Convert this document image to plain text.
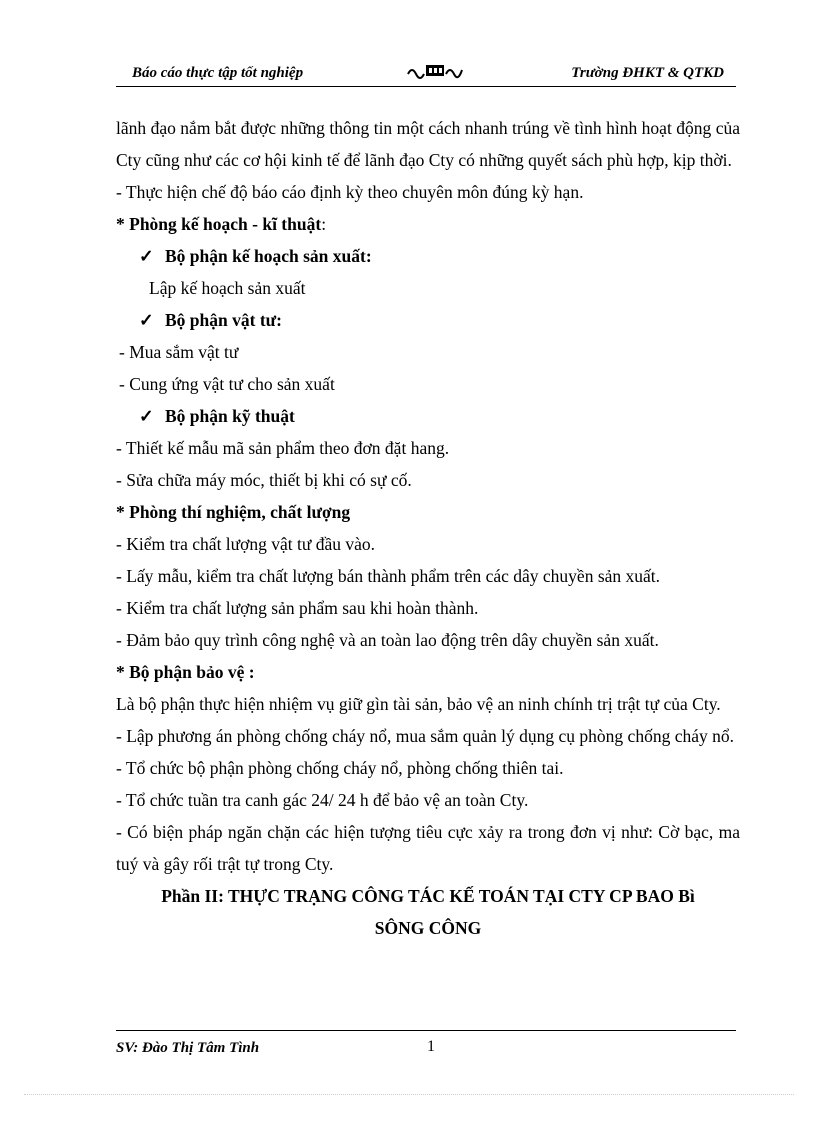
Báo cáo thực tập tốt nghiệp	Trường ĐHKT & QTKD

lãnh đạo nắm bắt được những thông tin một cách nhanh trúng về tình hình hoạt động của Cty cũng như các cơ hội kinh tế để lãnh đạo Cty có những quyết sách phù hợp, kịp thời.

- Thực hiện chế độ báo cáo định kỳ theo chuyên môn đúng kỳ hạn.

* Phòng kế hoạch - kĩ thuật:

✓ Bộ phận kế hoạch sản xuất:

Lập kế hoạch sản xuất

✓ Bộ phận vật tư:

- Mua sắm vật tư

- Cung ứng vật tư cho sản xuất

✓ Bộ phận kỹ thuật

- Thiết kế mẫu mã sản phẩm theo đơn đặt hang.

- Sửa chữa máy móc, thiết bị khi có sự cố.

* Phòng thí nghiệm, chất lượng

- Kiểm tra chất lượng vật tư đầu vào.

- Lấy mẫu, kiểm tra chất lượng bán thành phẩm trên các dây chuyền sản xuất.

- Kiểm tra chất lượng sản phẩm sau khi hoàn thành.

- Đảm bảo quy trình công nghệ và an toàn lao động trên dây chuyền sản xuất.

* Bộ phận bảo vệ :

Là bộ phận thực hiện nhiệm vụ giữ gìn tài sản, bảo vệ an ninh chính trị trật tự của Cty.

- Lập phương án phòng chống cháy nổ, mua sắm quản lý dụng cụ phòng chống cháy nổ.

- Tổ chức bộ phận phòng chống cháy nổ, phòng chống thiên tai.

- Tổ chức tuần tra canh gác 24/ 24 h để bảo vệ an toàn Cty.

- Có biện pháp ngăn chặn các hiện tượng tiêu cực xảy ra trong đơn vị như: Cờ bạc, ma tuý và gây rối trật tự trong Cty.

Phần II: THỰC TRẠNG CÔNG TÁC KẾ TOÁN TẠI CTY CP BAO Bì
SÔNG CÔNG

SV: Đào Thị Tâm Tình	1
